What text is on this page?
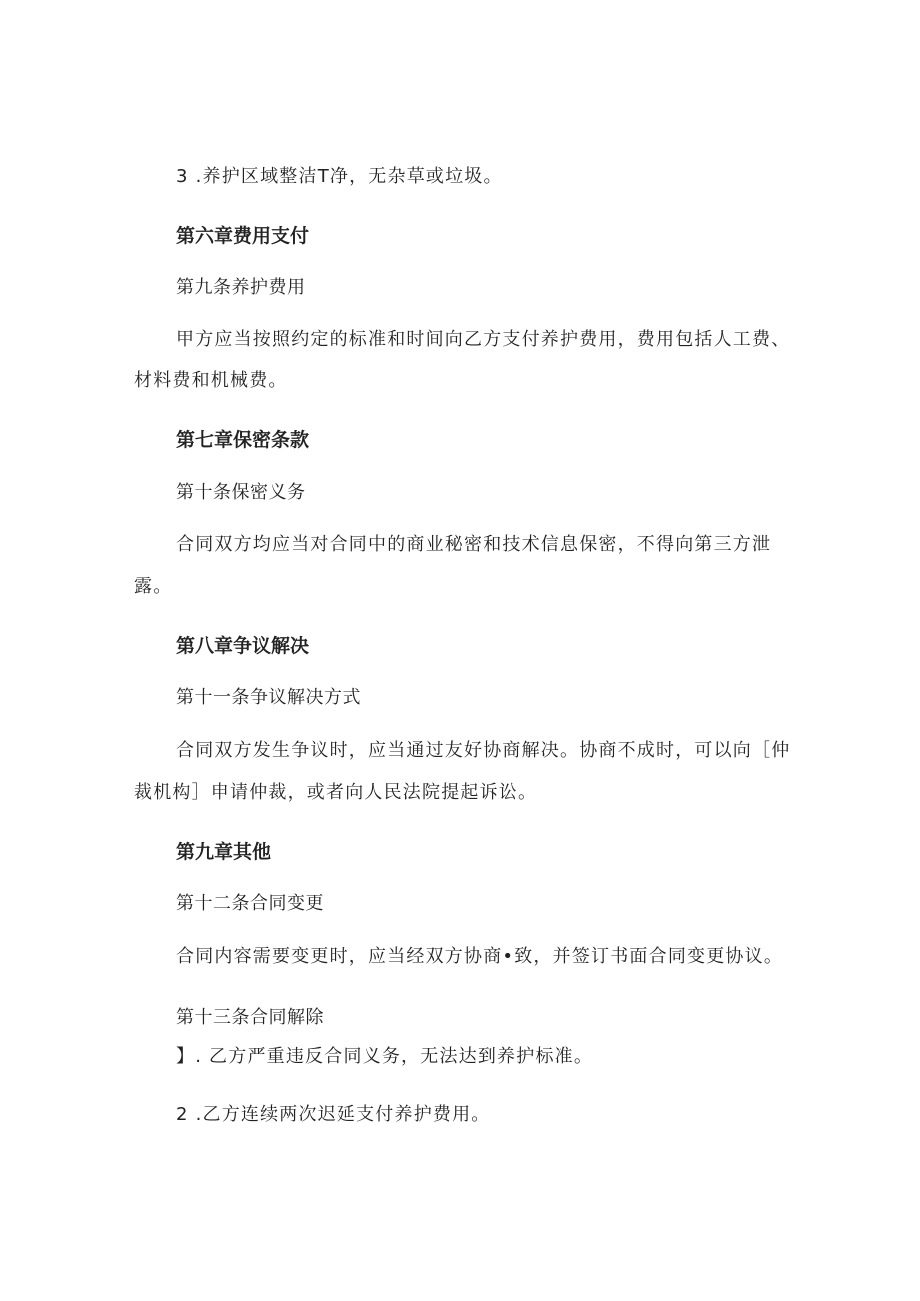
3 .养护区域整洁T净，无杂草或垃圾。

第六章费用支付

第九条养护费用

甲方应当按照约定的标准和时间向乙方支付养护费用，费用包括人工费、

材料费和机械费。

第七章保密条款

第十条保密义务

合同双方均应当对合同中的商业秘密和技术信息保密，不得向第三方泄

露。

第八章争议解决

第十一条争议解决方式

合同双方发生争议时，应当通过友好协商解决。协商不成时，可以向［仲

裁机构］申请仲裁，或者向人民法院提起诉讼。

第九章其他

第十二条合同变更

合同内容需要变更时，应当经双方协商•致，并签订书面合同变更协议。

第十三条合同解除

】. 乙方严重违反合同义务，无法达到养护标准。

2 .乙方连续两次迟延支付养护费用。
